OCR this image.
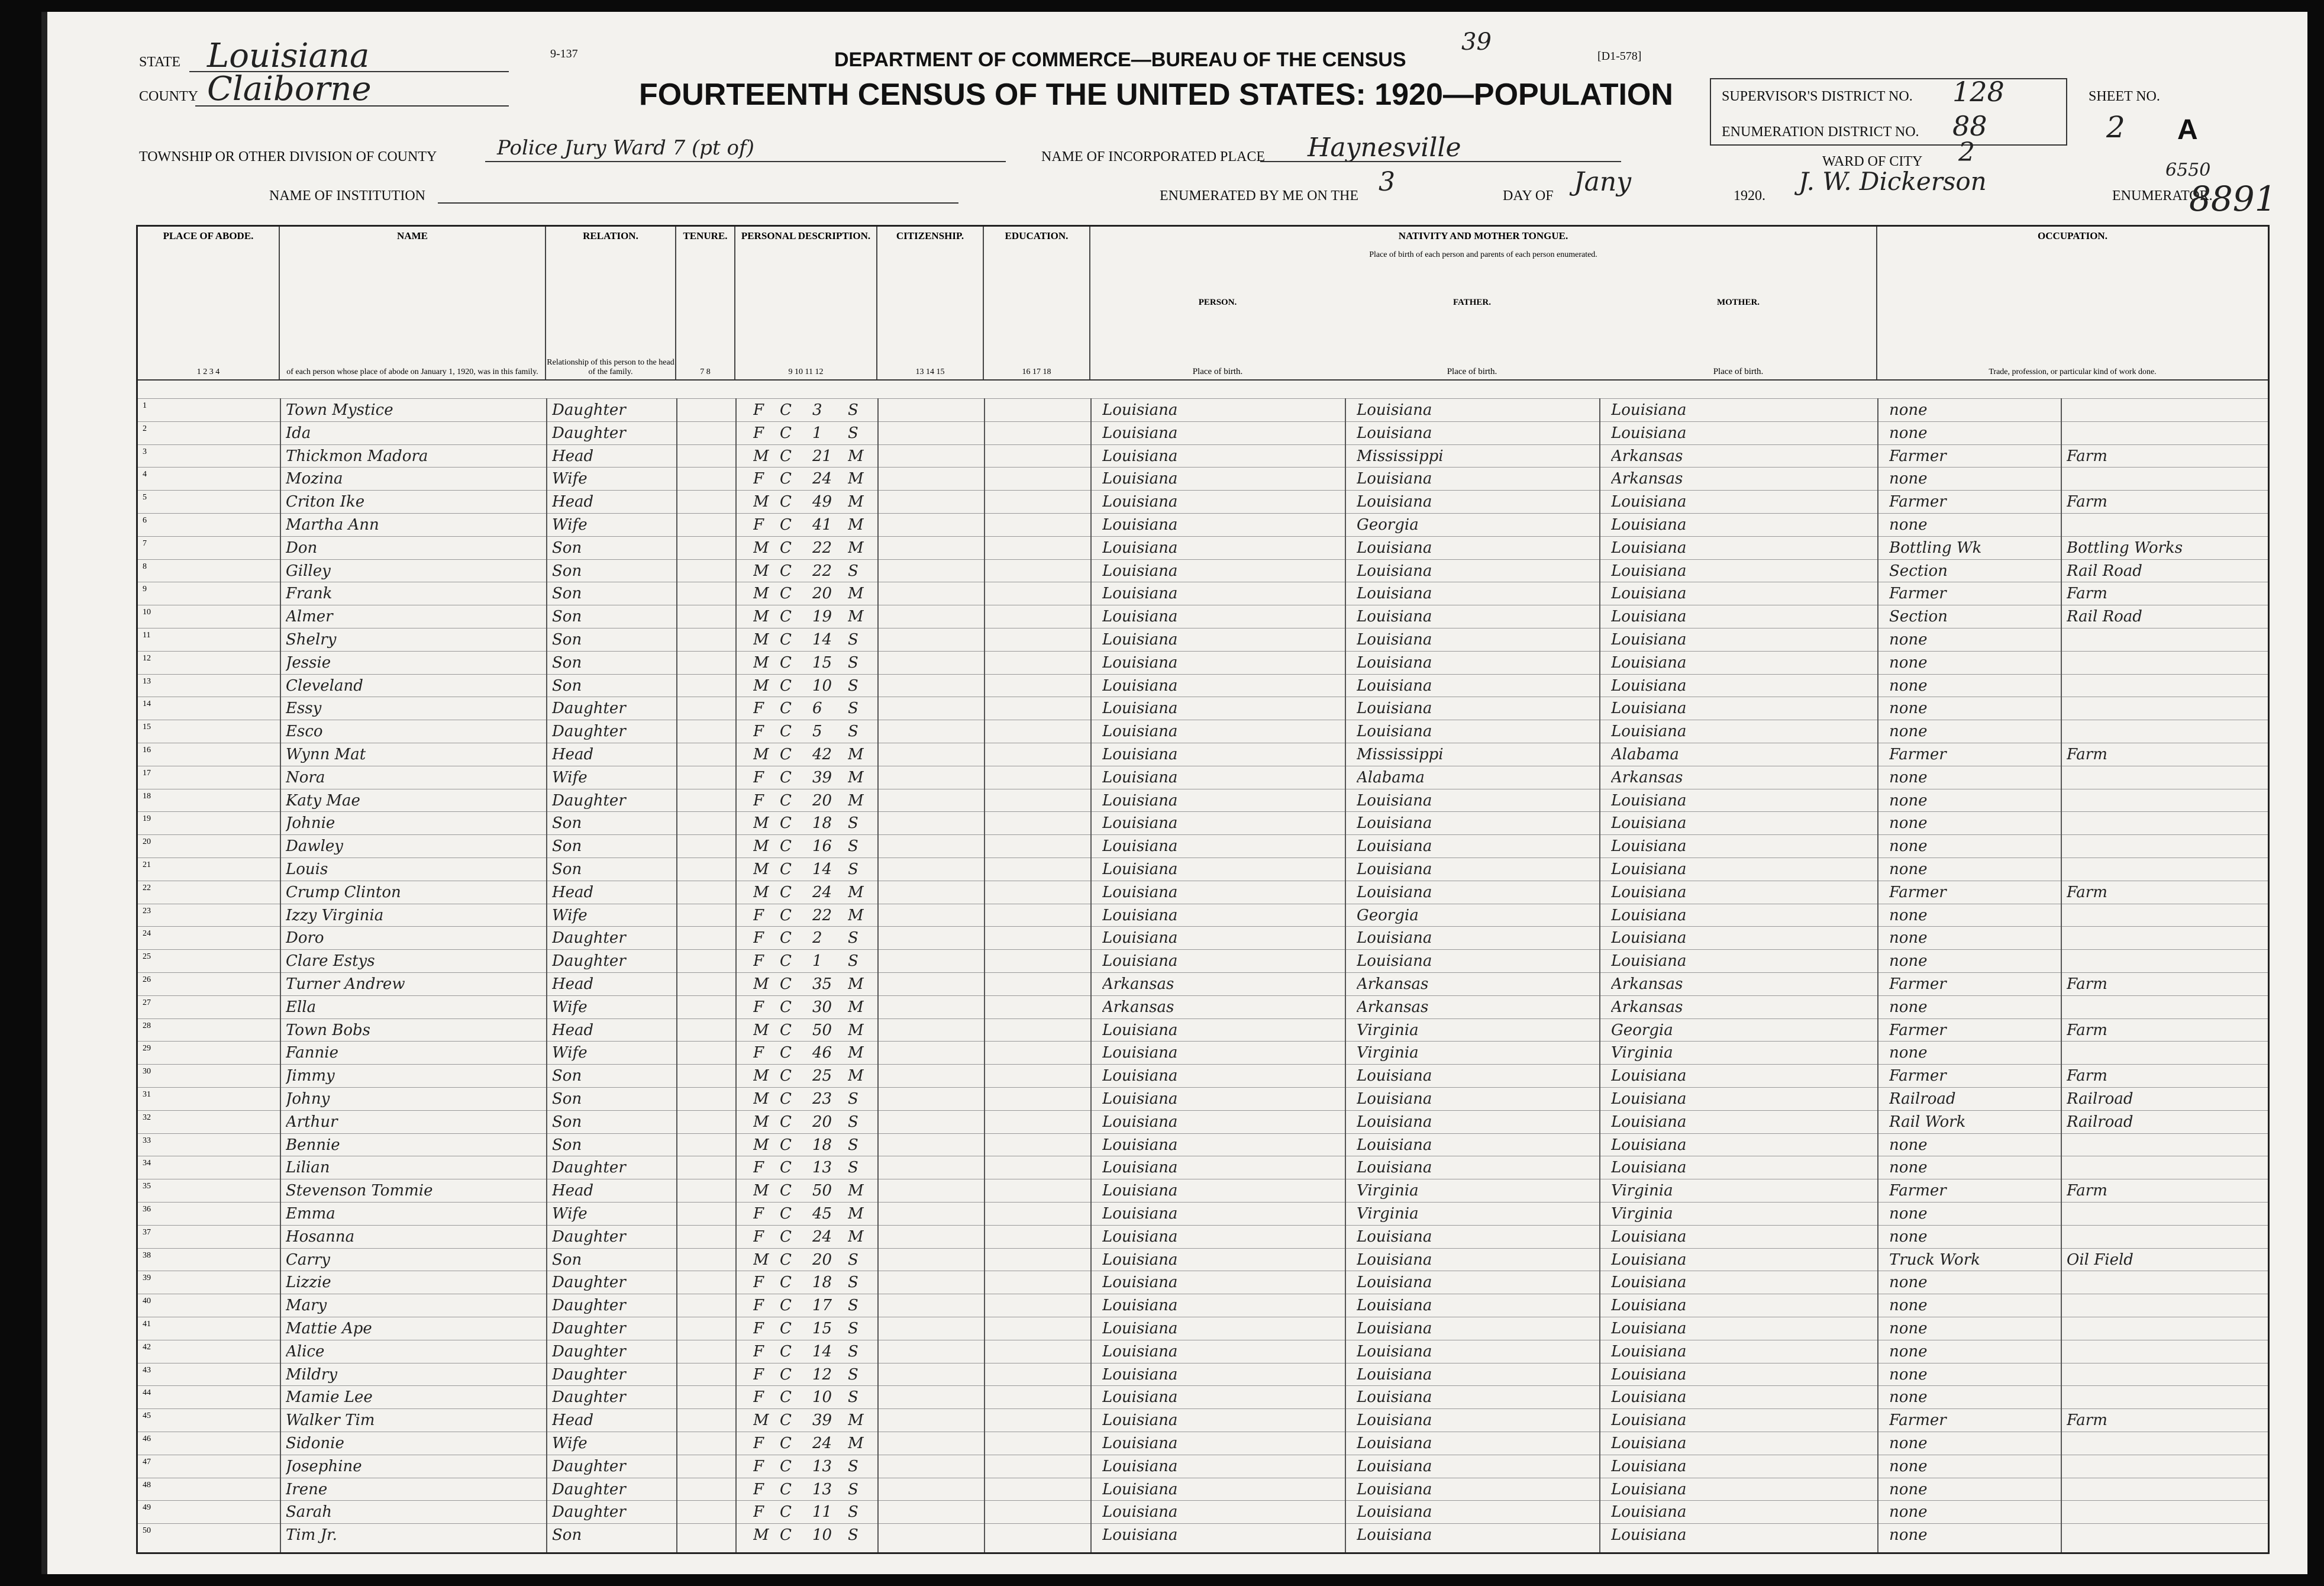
9-137	39
DEPARTMENT OF COMMERCE—BUREAU OF THE CENSUS	[D1-578]
FOURTEENTH CENSUS OF THE UNITED STATES: 1920—POPULATION
STATE Louisiana
COUNTY Claiborne
TOWNSHIP OR OTHER DIVISION OF COUNTY	Police Jury Ward 7 (pt of)	NAME OF INCORPORATED PLACE Haynesville
NAME OF INSTITUTION	ENUMERATED BY ME ON THE 3	DAY OF Jany	1920. J. W. Dickerson	ENUMERATOR.
SUPERVISOR'S DISTRICT NO. 128
ENUMERATION DISTRICT NO. 88
SHEET NO.
2 A
WARD OF CITY 2
6550
8891
PLACE OF ABODE.
1 2 3 4
NAME
of each person whose place of abode on January 1, 1920, was in this family.
RELATION.
Relationship of this person to the head of the family.
TENURE.
7 8
PERSONAL DESCRIPTION.
9 10 11 12
CITIZENSHIP.
13 14 15
EDUCATION.
16 17 18
NATIVITY AND MOTHER TONGUE.
Place of birth of each person and parents of each person enumerated.
PERSON.	FATHER.	MOTHER.
Place of birth.	Place of birth.	Place of birth.
OCCUPATION.
Trade, profession, or particular kind of work done.
1	Town Mystice	Daughter	F	C	3	S	Louisiana	Louisiana	Louisiana	none
2	Ida	Daughter	F	C	1	S	Louisiana	Louisiana	Louisiana	none
3	Thickmon Madora	Head	M C	21	M	Louisiana	Mississippi	Arkansas	Farmer	Farm
4	Mozina	Wife	F	C	24	M	Louisiana	Louisiana	Arkansas	none
5	Criton Ike	Head	M C	49	M	Louisiana	Louisiana	Louisiana	Farmer	Farm
6	Martha Ann	Wife	F	C	41	M	Louisiana	Georgia	Louisiana	none
7	Don	Son	M C	22	M	Louisiana	Louisiana	Louisiana	Bottling Wk	Bottling Works
8	Gilley	Son	M C	22	S	Louisiana	Louisiana	Louisiana	Section	Rail Road
9	Frank	Son	M C	20	M	Louisiana	Louisiana	Louisiana	Farmer	Farm
10	Almer	Son	M C	19	M	Louisiana	Louisiana	Louisiana	Section	Rail Road
11	Shelry	Son	M C	14	S	Louisiana	Louisiana	Louisiana	none
12	Jessie	Son	M C	15	S	Louisiana	Louisiana	Louisiana	none
13	Cleveland	Son	M C	10	S	Louisiana	Louisiana	Louisiana	none
14	Essy	Daughter	F	C	6	S	Louisiana	Louisiana	Louisiana	none
15	Esco	Daughter	F	C	5	S	Louisiana	Louisiana	Louisiana	none
16	Wynn Mat	Head	M C	42	M	Louisiana	Mississippi	Alabama	Farmer	Farm
17	Nora	Wife	F	C	39	M	Louisiana	Alabama	Arkansas	none
18	Katy Mae	Daughter	F	C	20	M	Louisiana	Louisiana	Louisiana	none
19	Johnie	Son	M C	18	S	Louisiana	Louisiana	Louisiana	none
20	Dawley	Son	M C	16	S	Louisiana	Louisiana	Louisiana	none
21	Louis	Son	M C	14	S	Louisiana	Louisiana	Louisiana	none
22	Crump Clinton	Head	M C	24	M	Louisiana	Louisiana	Louisiana	Farmer	Farm
23	Izzy Virginia	Wife	F	C	22	M	Louisiana	Georgia	Louisiana	none
24	Doro	Daughter	F	C	2	S	Louisiana	Louisiana	Louisiana	none
25	Clare Estys	Daughter	F	C	1	S	Louisiana	Louisiana	Louisiana	none
26	Turner Andrew	Head	M C	35	M	Arkansas	Arkansas	Arkansas	Farmer	Farm
27	Ella	Wife	F	C	30	M	Arkansas	Arkansas	Arkansas	none
28	Town Bobs	Head	M C	50	M	Louisiana	Virginia	Georgia	Farmer	Farm
29	Fannie	Wife	F	C	46	M	Louisiana	Virginia	Virginia	none
30	Jimmy	Son	M C	25	M	Louisiana	Louisiana	Louisiana	Farmer	Farm
31	Johny	Son	M C	23	S	Louisiana	Louisiana	Louisiana	Railroad	Railroad
32	Arthur	Son	M C	20	S	Louisiana	Louisiana	Louisiana	Rail Work	Railroad
33	Bennie	Son	M C	18	S	Louisiana	Louisiana	Louisiana	none
34	Lilian	Daughter	F	C	13	S	Louisiana	Louisiana	Louisiana	none
35	Stevenson Tommie	Head	M C	50	M	Louisiana	Virginia	Virginia	Farmer	Farm
36	Emma	Wife	F	C	45	M	Louisiana	Virginia	Virginia	none
37	Hosanna	Daughter	F	C	24	M	Louisiana	Louisiana	Louisiana	none
38	Carry	Son	M C	20	S	Louisiana	Louisiana	Louisiana	Truck Work	Oil Field
39	Lizzie	Daughter	F	C	18	S	Louisiana	Louisiana	Louisiana	none
40	Mary	Daughter	F	C	17	S	Louisiana	Louisiana	Louisiana	none
41	Mattie Ape	Daughter	F	C	15	S	Louisiana	Louisiana	Louisiana	none
42	Alice	Daughter	F	C	14	S	Louisiana	Louisiana	Louisiana	none
43	Mildry	Daughter	F	C	12	S	Louisiana	Louisiana	Louisiana	none
44	Mamie Lee	Daughter	F	C	10	S	Louisiana	Louisiana	Louisiana	none
45	Walker Tim	Head	M C	39	M	Louisiana	Louisiana	Louisiana	Farmer	Farm
46	Sidonie	Wife	F	C	24	M	Louisiana	Louisiana	Louisiana	none
47	Josephine	Daughter	F	C	13	S	Louisiana	Louisiana	Louisiana	none
48	Irene	Daughter	F	C	13	S	Louisiana	Louisiana	Louisiana	none
49	Sarah	Daughter	F	C	11	S	Louisiana	Louisiana	Louisiana	none
50	Tim Jr.	Son	M C	10	S	Louisiana	Louisiana	Louisiana	none
